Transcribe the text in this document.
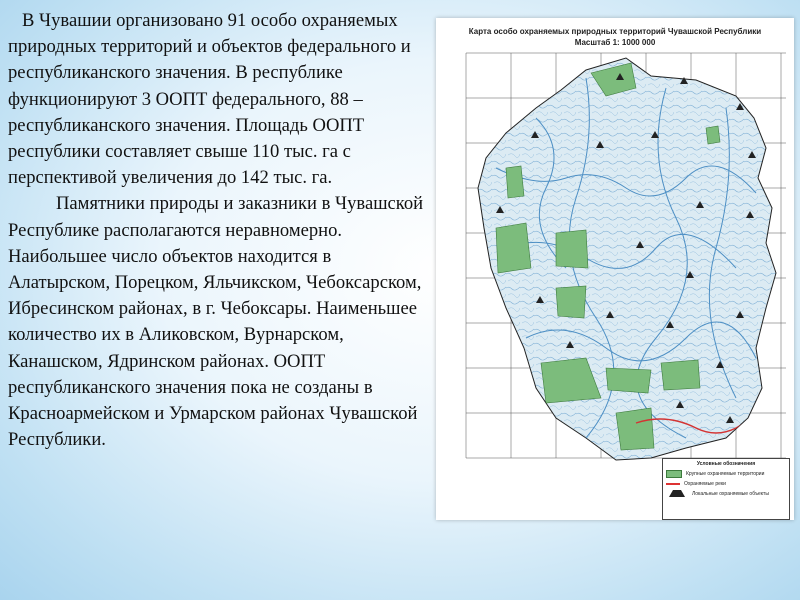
В Чувашии организовано 91 особо охраняемых природных территорий и объектов федерального и республиканского значения. В республике функционируют 3 ООПТ федерального, 88 – республиканского значения. Площадь ООПТ республики составляет свыше 110 тыс. га с перспективой увеличения до 142 тыс. га.

Памятники природы и заказники в Чувашской Республике располагаются неравномерно. Наибольшее число объектов находится в Алатырском, Порецком, Яльчикском, Чебоксарском, Ибресинском районах, в г. Чебоксары. Наименьшее количество их в Аликовском, Вурнарском, Канашском, Ядринском районах. ООПТ республиканского значения пока не созданы в Красноармейском и Урмарском районах Чувашской Республики.

Карта особо охраняемых природных территорий Чувашской Республики
Масштаб 1: 1000 000
Условные обозначения
Крупные охраняемые территории
Охраняемые реки
Локальные охраняемые объекты
